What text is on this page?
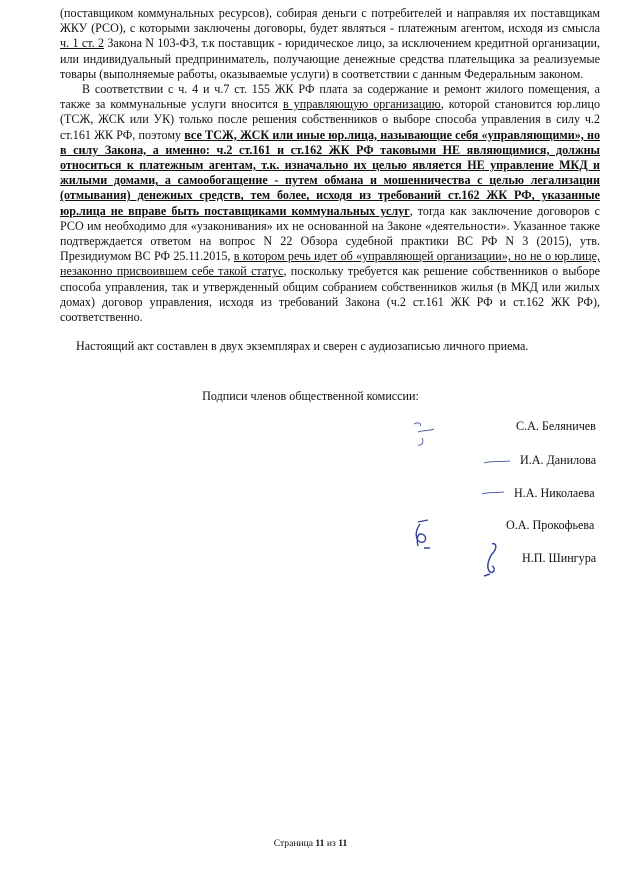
(поставщиком коммунальных ресурсов), собирая деньги с потребителей и направляя их поставщикам ЖКУ (РСО), с которыми заключены договоры, будет являться - платежным агентом, исходя из смысла ч. 1 ст. 2 Закона N 103-ФЗ, т.к поставщик - юридическое лицо, за исключением кредитной организации, или индивидуальный предприниматель, получающие денежные средства плательщика за реализуемые товары (выполняемые работы, оказываемые услуги) в соответствии с данным Федеральным законом.

В соответствии с ч. 4 и ч.7 ст. 155 ЖК РФ плата за содержание и ремонт жилого помещения, а также за коммунальные услуги вносится в управляющую организацию, которой становится юр.лицо (ТСЖ, ЖСК или УК) только после решения собственников о выборе способа управления в силу ч.2 ст.161 ЖК РФ, поэтому все ТСЖ, ЖСК или иные юр.лица, называющие себя «управляющими», но в силу Закона, а именно: ч.2 ст.161 и ст.162 ЖК РФ таковыми НЕ являющимися, должны относиться к платежным агентам, т.к. изначально их целью является НЕ управление МКД и жилыми домами, а самообогащение - путем обмана и мошенничества с целью легализации (отмывания) денежных средств, тем более, исходя из требований ст.162 ЖК РФ, указанные юр.лица не вправе быть поставщиками коммунальных услуг, тогда как заключение договоров с РСО им необходимо для «узаконивания» их не основанной на Законе «деятельности». Указанное также подтверждается ответом на вопрос N 22 Обзора судебной практики ВС РФ N 3 (2015), утв. Президиумом ВС РФ 25.11.2015, в котором речь идет об «управляющей организации», но не о юр.лице, незаконно присвоившем себе такой статус, поскольку требуется как решение собственников о выборе способа управления, так и утвержденный общим собранием собственников жилья (в МКД или жилых домах) договор управления, исходя из требований Закона (ч.2 ст.161 ЖК РФ и ст.162 ЖК РФ), соответственно.

Настоящий акт составлен в двух экземплярах и сверен с аудиозаписью личного приема.

Подписи членов общественной комиссии:
С.А. Беляничев
И.А. Данилова
Н.А. Николаева
О.А. Прокофьева
Н.П. Шингура
Страница 11 из 11
